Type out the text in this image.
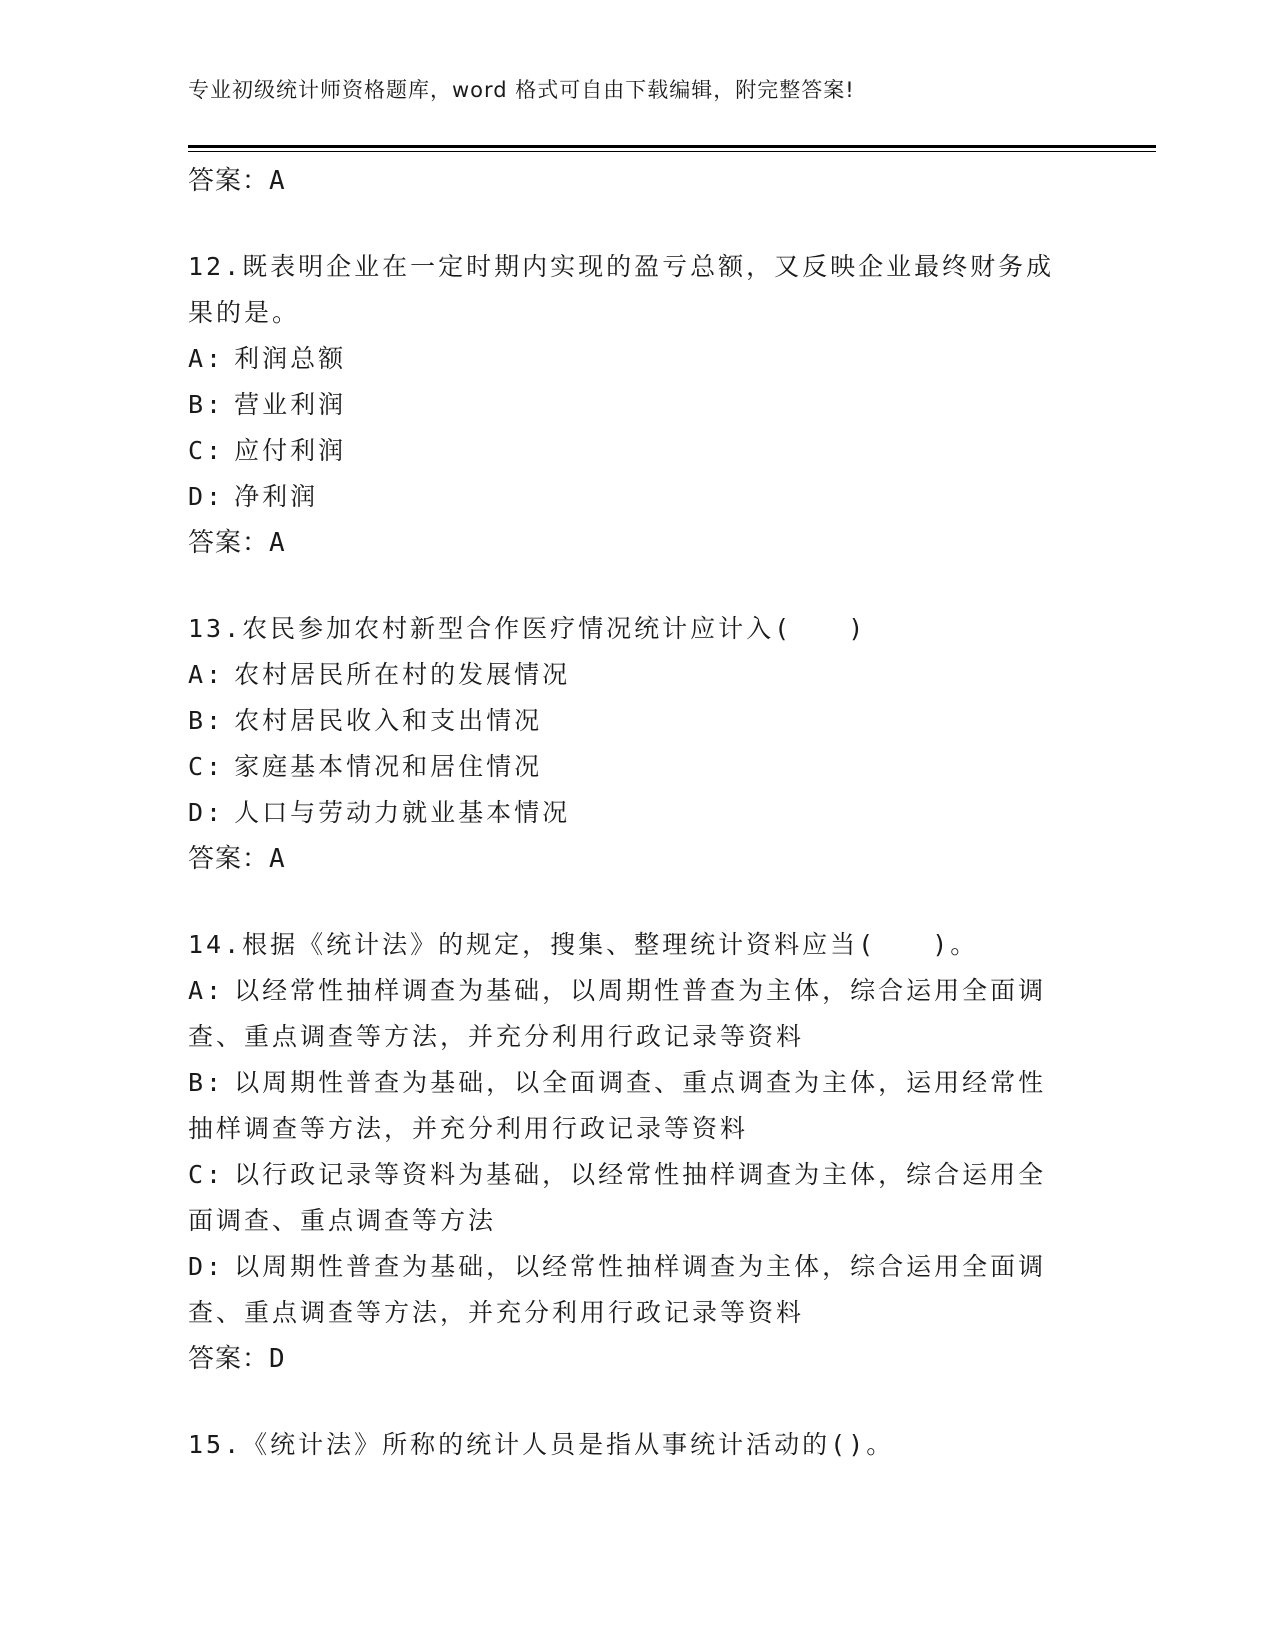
专业初级统计师资格题库，word 格式可自由下载编辑，附完整答案!
答案：A
12.既表明企业在一定时期内实现的盈亏总额，又反映企业最终财务成
果的是。
A: 利润总额
B: 营业利润
C: 应付利润
D: 净利润
答案：A
13.农民参加农村新型合作医疗情况统计应计入(　　)
A: 农村居民所在村的发展情况
B: 农村居民收入和支出情况
C: 家庭基本情况和居住情况
D: 人口与劳动力就业基本情况
答案：A
14.根据《统计法》的规定，搜集、整理统计资料应当(　　)。
A: 以经常性抽样调查为基础，以周期性普查为主体，综合运用全面调
查、重点调查等方法，并充分利用行政记录等资料
B: 以周期性普查为基础，以全面调查、重点调查为主体，运用经常性
抽样调查等方法，并充分利用行政记录等资料
C: 以行政记录等资料为基础，以经常性抽样调查为主体，综合运用全
面调查、重点调查等方法
D: 以周期性普查为基础，以经常性抽样调查为主体，综合运用全面调
查、重点调查等方法，并充分利用行政记录等资料
答案：D
15.《统计法》所称的统计人员是指从事统计活动的()。
